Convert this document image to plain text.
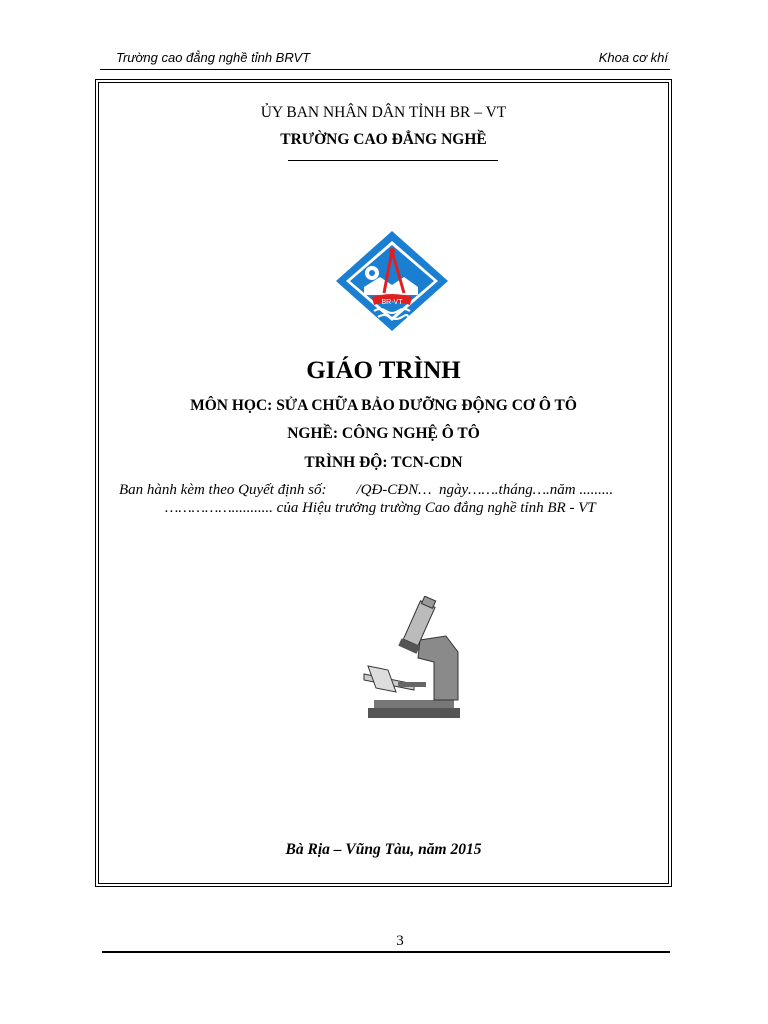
Trường cao đẳng nghề tỉnh BRVT	Khoa cơ khí
ỦY BAN NHÂN DÂN TỈNH BR – VT
TRƯỜNG CAO ĐẲNG NGHỀ
BR-VT
GIÁO TRÌNH
MÔN HỌC: SỬA CHỮA BẢO DƯỠNG ĐỘNG CƠ Ô TÔ
NGHỀ: CÔNG NGHỆ Ô TÔ
TRÌNH ĐỘ: TCN-CDN
Ban hành kèm theo Quyết định số:        /QĐ-CĐN…  ngày…….tháng….năm .........
……………........... của Hiệu trưởng trường Cao đẳng nghề tỉnh BR - VT
Bà Rịa – Vũng Tàu, năm 2015
3
